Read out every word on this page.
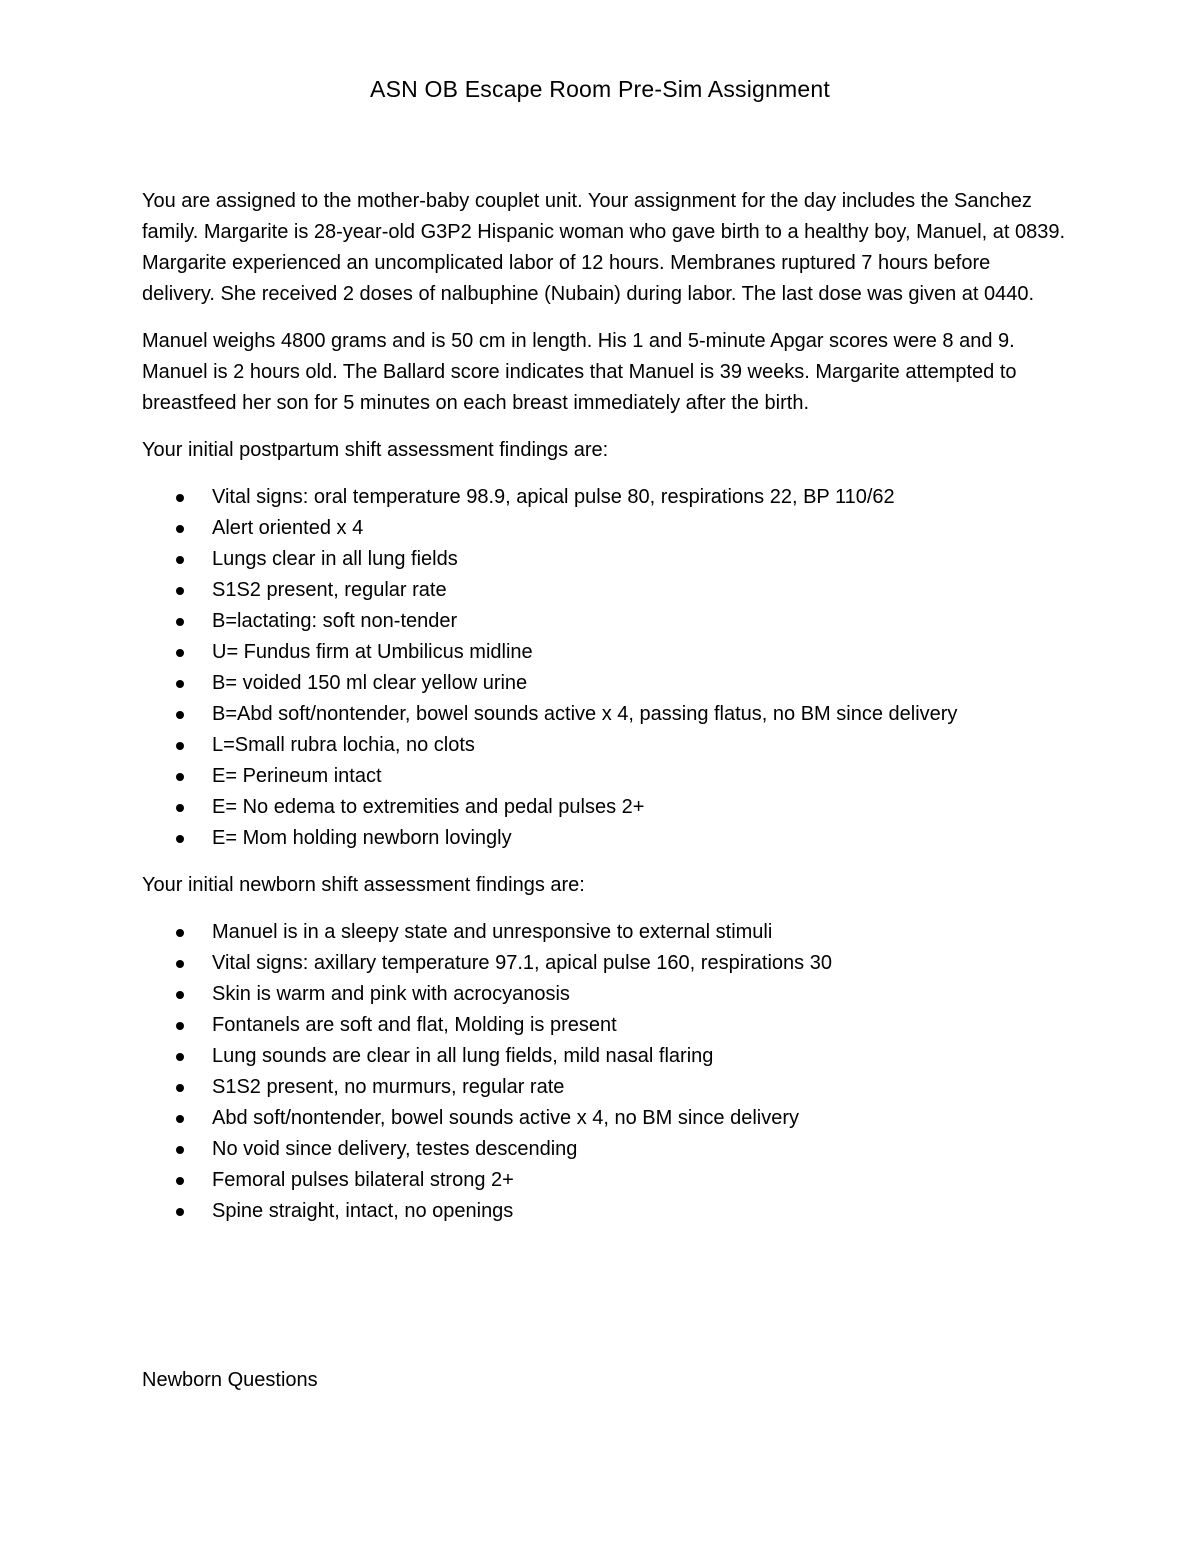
ASN OB Escape Room Pre-Sim Assignment

You are assigned to the mother-baby couplet unit. Your assignment for the day includes the Sanchez family. Margarite is 28-year-old G3P2 Hispanic woman who gave birth to a healthy boy, Manuel, at 0839. Margarite experienced an uncomplicated labor of 12 hours. Membranes ruptured 7 hours before delivery. She received 2 doses of nalbuphine (Nubain) during labor. The last dose was given at 0440.

Manuel weighs 4800 grams and is 50 cm in length. His 1 and 5-minute Apgar scores were 8 and 9. Manuel is 2 hours old. The Ballard score indicates that Manuel is 39 weeks. Margarite attempted to breastfeed her son for 5 minutes on each breast immediately after the birth.

Your initial postpartum shift assessment findings are:

Vital signs: oral temperature 98.9, apical pulse 80, respirations 22, BP 110/62
Alert oriented x 4
Lungs clear in all lung fields
S1S2 present, regular rate
B=lactating: soft non-tender
U= Fundus firm at Umbilicus midline
B= voided 150 ml clear yellow urine
B=Abd soft/nontender, bowel sounds active x 4, passing flatus, no BM since delivery
L=Small rubra lochia, no clots
E= Perineum intact
E= No edema to extremities and pedal pulses 2+
E= Mom holding newborn lovingly

Your initial newborn shift assessment findings are:

Manuel is in a sleepy state and unresponsive to external stimuli
Vital signs: axillary temperature 97.1, apical pulse 160, respirations 30
Skin is warm and pink with acrocyanosis
Fontanels are soft and flat, Molding is present
Lung sounds are clear in all lung fields, mild nasal flaring
S1S2 present, no murmurs, regular rate
Abd soft/nontender, bowel sounds active x 4, no BM since delivery
No void since delivery, testes descending
Femoral pulses bilateral strong 2+
Spine straight, intact, no openings
Newborn Questions
